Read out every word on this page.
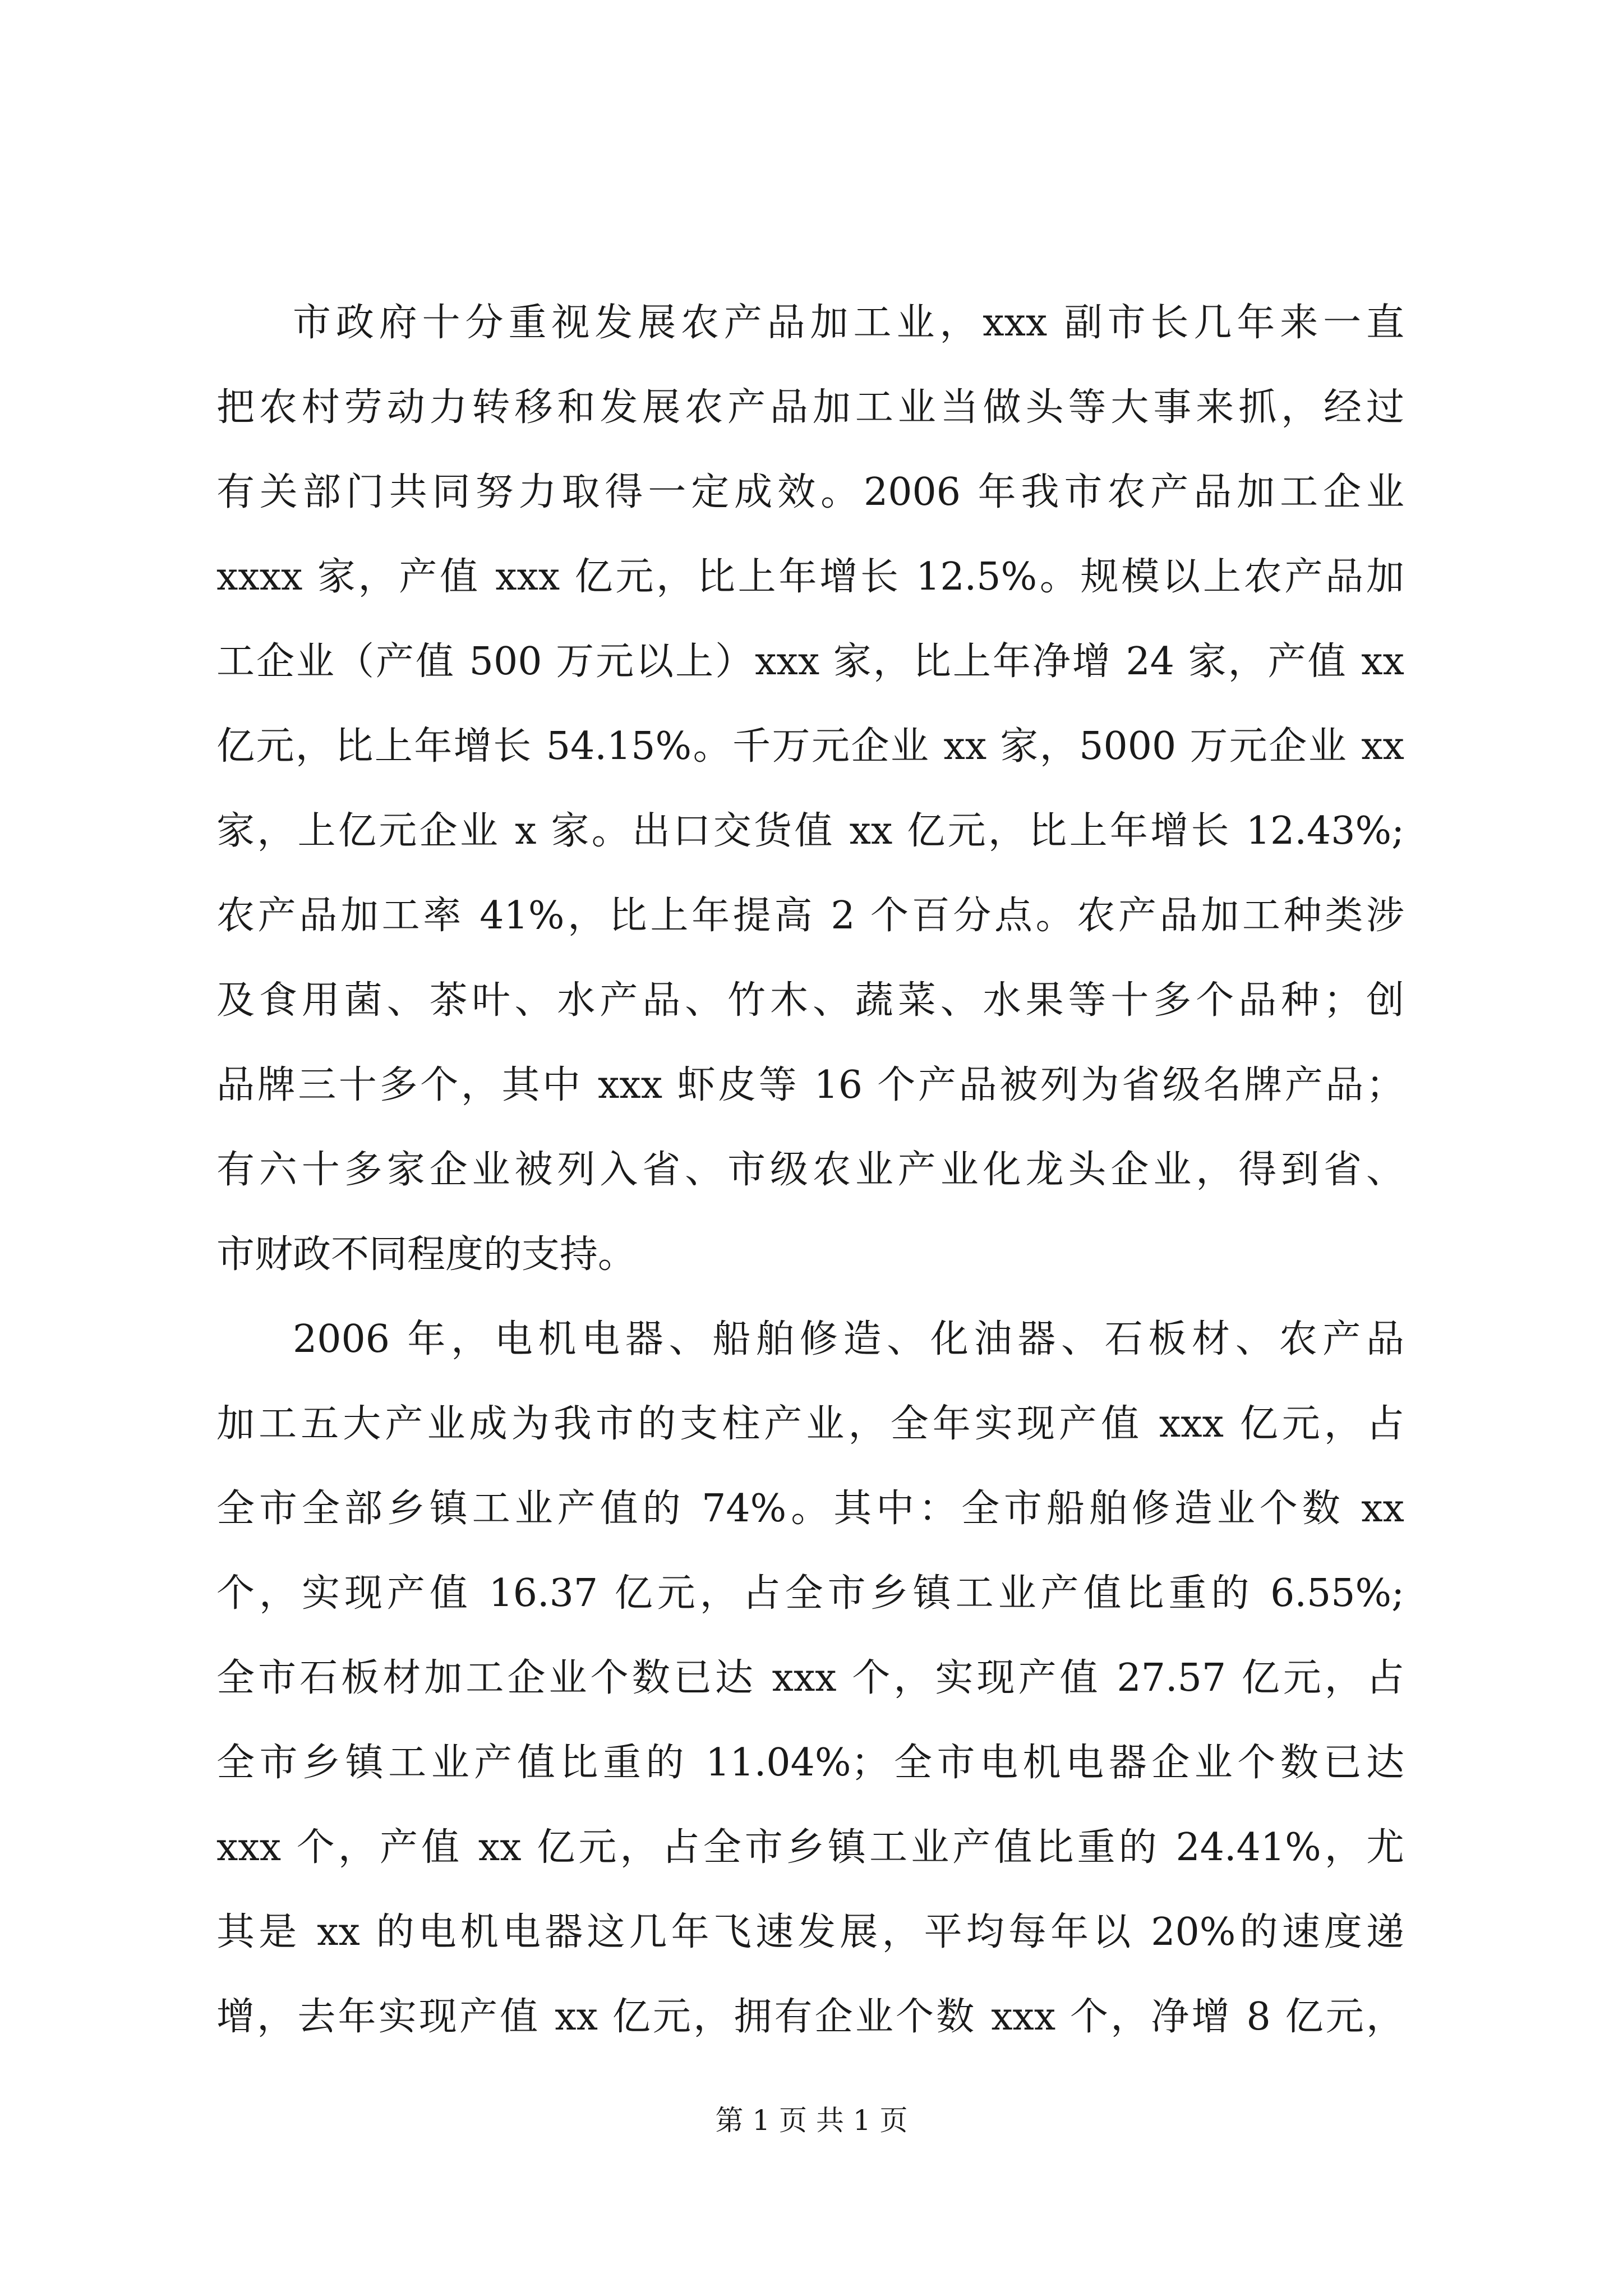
市政府十分重视发展农产品加工业，xxx 副市长几年来一直
把农村劳动力转移和发展农产品加工业当做头等大事来抓，经过
有关部门共同努力取得一定成效。2006 年我市农产品加工企业
xxxx 家，产值 xxx 亿元，比上年增长 12.5%。规模以上农产品加
工企业（产值 500 万元以上）xxx 家，比上年净增 24 家，产值 xx
亿元，比上年增长 54.15%。千万元企业 xx 家，5000 万元企业 xx
家，上亿元企业 x 家。出口交货值 xx 亿元，比上年增长 12.43%;
农产品加工率 41%，比上年提高 2 个百分点。农产品加工种类涉
及食用菌、茶叶、水产品、竹木、蔬菜、水果等十多个品种；创
品牌三十多个，其中 xxx 虾皮等 16 个产品被列为省级名牌产品；
有六十多家企业被列入省、市级农业产业化龙头企业，得到省、
市财政不同程度的支持。
2006 年，电机电器、船舶修造、化油器、石板材、农产品
加工五大产业成为我市的支柱产业，全年实现产值 xxx 亿元，占
全市全部乡镇工业产值的 74%。其中：全市船舶修造业个数 xx
个，实现产值 16.37 亿元，占全市乡镇工业产值比重的 6.55%;
全市石板材加工企业个数已达 xxx 个，实现产值 27.57 亿元，占
全市乡镇工业产值比重的 11.04%；全市电机电器企业个数已达
xxx 个，产值 xx 亿元，占全市乡镇工业产值比重的 24.41%，尤
其是 xx 的电机电器这几年飞速发展，平均每年以 20%的速度递
增，去年实现产值 xx 亿元，拥有企业个数 xxx 个，净增 8 亿元，
第 1 页 共 1 页
